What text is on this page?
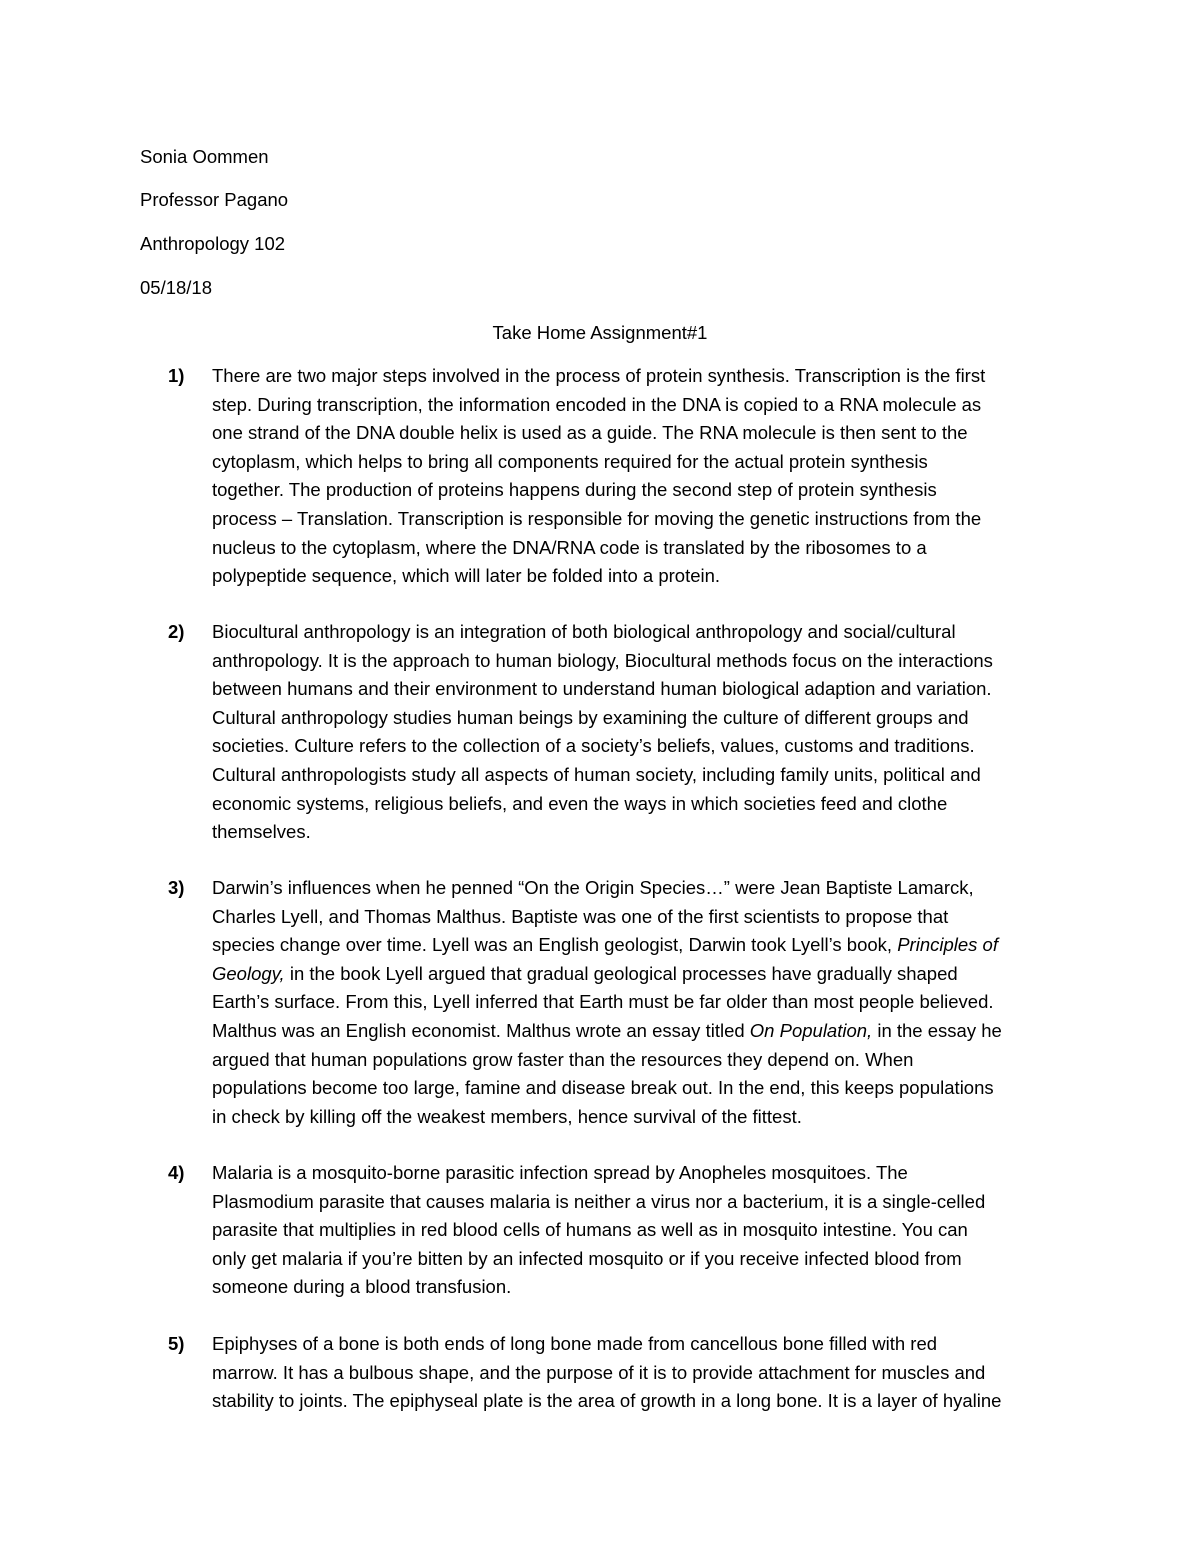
Sonia Oommen

Professor Pagano

Anthropology 102

05/18/18

Take Home Assignment#1

1) There are two major steps involved in the process of protein synthesis. Transcription is the first
step. During transcription, the information encoded in the DNA is copied to a RNA molecule as
one strand of the DNA double helix is used as a guide. The RNA molecule is then sent to the
cytoplasm, which helps to bring all components required for the actual protein synthesis
together. The production of proteins happens during the second step of protein synthesis
process – Translation. Transcription is responsible for moving the genetic instructions from the
nucleus to the cytoplasm, where the DNA/RNA code is translated by the ribosomes to a
polypeptide sequence, which will later be folded into a protein.
2) Biocultural anthropology is an integration of both biological anthropology and social/cultural
anthropology. It is the approach to human biology, Biocultural methods focus on the interactions
between humans and their environment to understand human biological adaption and variation.
Cultural anthropology studies human beings by examining the culture of different groups and
societies. Culture refers to the collection of a society’s beliefs, values, customs and traditions.
Cultural anthropologists study all aspects of human society, including family units, political and
economic systems, religious beliefs, and even the ways in which societies feed and clothe
themselves.
3) Darwin’s influences when he penned “On the Origin Species…” were Jean Baptiste Lamarck,
Charles Lyell, and Thomas Malthus. Baptiste was one of the first scientists to propose that
species change over time. Lyell was an English geologist, Darwin took Lyell’s book, Principles of
Geology, in the book Lyell argued that gradual geological processes have gradually shaped
Earth’s surface. From this, Lyell inferred that Earth must be far older than most people believed.
Malthus was an English economist. Malthus wrote an essay titled On Population, in the essay he
argued that human populations grow faster than the resources they depend on. When
populations become too large, famine and disease break out. In the end, this keeps populations
in check by killing off the weakest members, hence survival of the fittest.
4) Malaria is a mosquito-borne parasitic infection spread by Anopheles mosquitoes. The
Plasmodium parasite that causes malaria is neither a virus nor a bacterium, it is a single-celled
parasite that multiplies in red blood cells of humans as well as in mosquito intestine. You can
only get malaria if you’re bitten by an infected mosquito or if you receive infected blood from
someone during a blood transfusion.
5) Epiphyses of a bone is both ends of long bone made from cancellous bone filled with red
marrow. It has a bulbous shape, and the purpose of it is to provide attachment for muscles and
stability to joints. The epiphyseal plate is the area of growth in a long bone. It is a layer of hyaline
